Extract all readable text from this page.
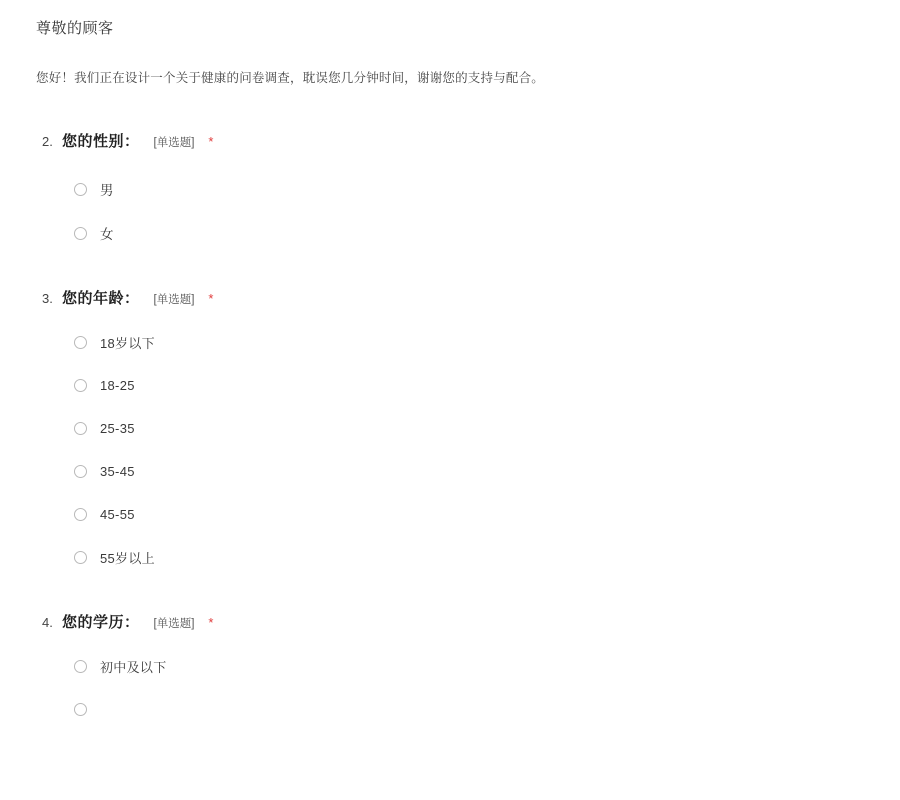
尊敬的顾客
您好！我们正在设计一个关于健康的问卷调查，耽误您几分钟时间，谢谢您的支持与配合。
2. 您的性别： [单选题] *
男
女
3. 您的年龄： [单选题] *
18岁以下
18-25
25-35
35-45
45-55
55岁以上
4. 您的学历： [单选题] *
初中及以下
